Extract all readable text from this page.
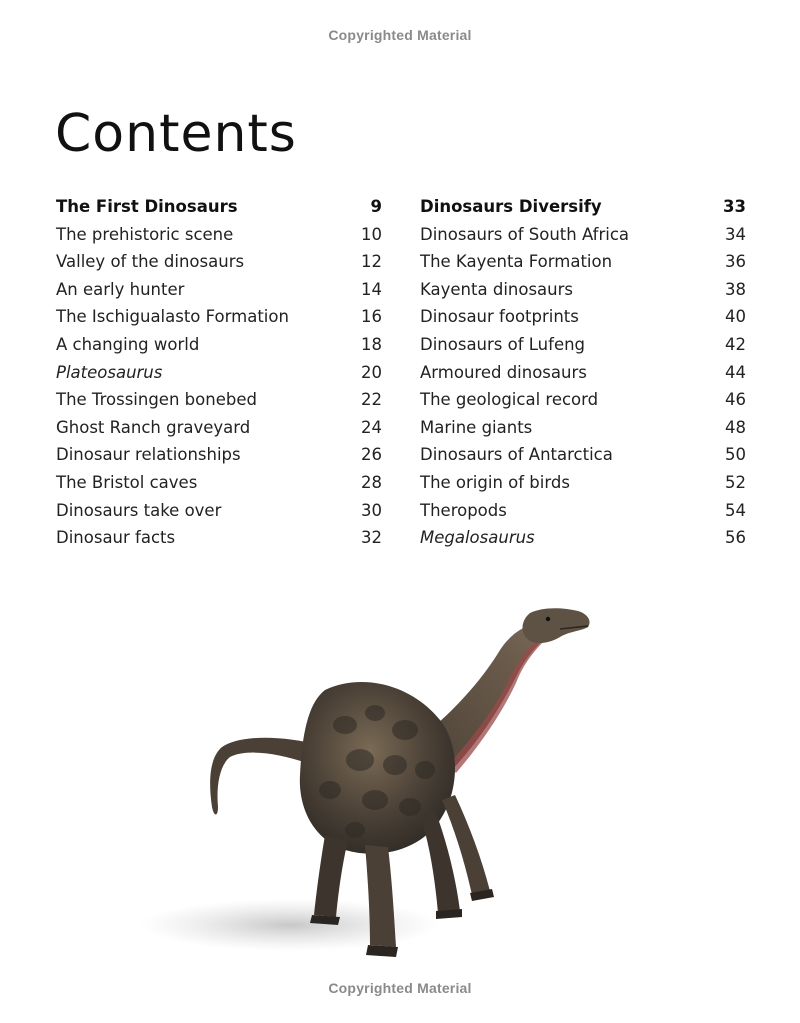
Copyrighted Material
Contents
The First Dinosaurs	9
The prehistoric scene	10
Valley of the dinosaurs	12
An early hunter	14
The Ischigualasto Formation	16
A changing world	18
Plateosaurus	20
The Trossingen bonebed	22
Ghost Ranch graveyard	24
Dinosaur relationships	26
The Bristol caves	28
Dinosaurs take over	30
Dinosaur facts	32
Dinosaurs Diversify	33
Dinosaurs of South Africa	34
The Kayenta Formation	36
Kayenta dinosaurs	38
Dinosaur footprints	40
Dinosaurs of Lufeng	42
Armoured dinosaurs	44
The geological record	46
Marine giants	48
Dinosaurs of Antarctica	50
The origin of birds	52
Theropods	54
Megalosaurus	56
Copyrighted Material
